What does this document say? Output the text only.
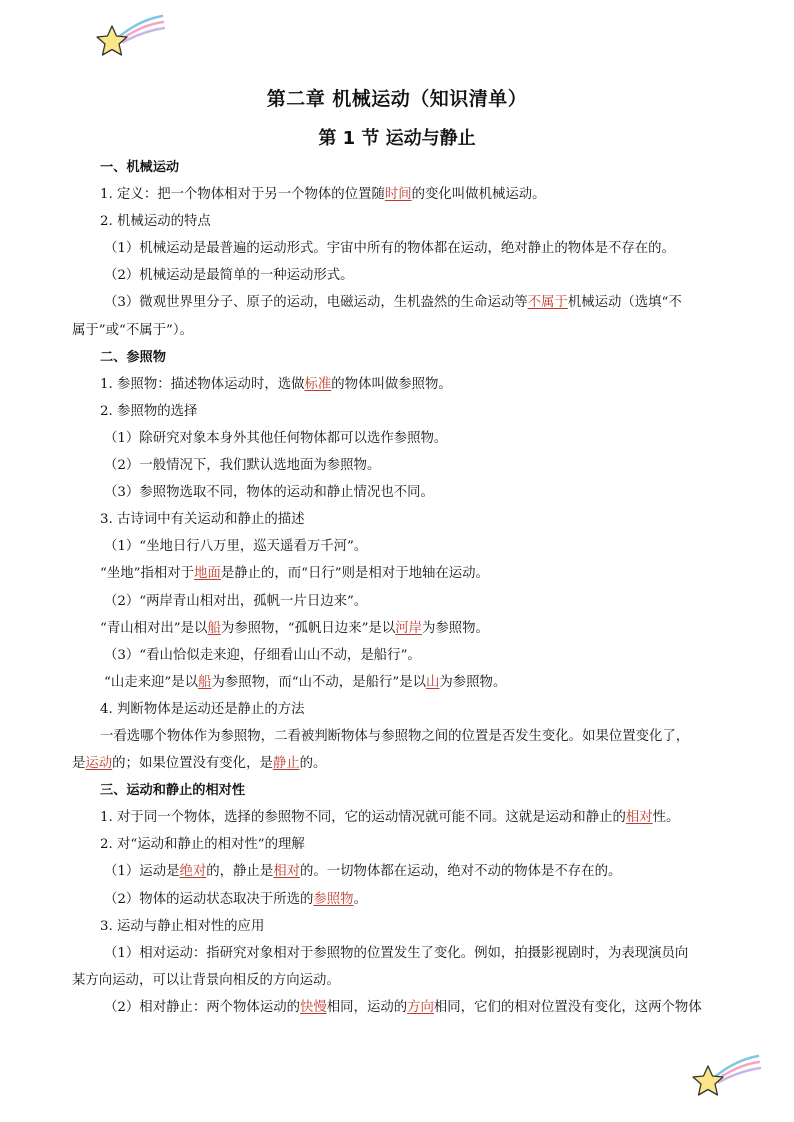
第二章 机械运动（知识清单）
第 1 节 运动与静止
一、机械运动
1. 定义：把一个物体相对于另一个物体的位置随时间的变化叫做机械运动。
2. 机械运动的特点
（1）机械运动是最普遍的运动形式。宇宙中所有的物体都在运动，绝对静止的物体是不存在的。
（2）机械运动是最简单的一种运动形式。
（3）微观世界里分子、原子的运动，电磁运动，生机盎然的生命运动等不属于机械运动（选填“不
属于”或“不属于”）。
二、参照物
1. 参照物：描述物体运动时，选做标准的物体叫做参照物。
2. 参照物的选择
（1）除研究对象本身外其他任何物体都可以选作参照物。
（2）一般情况下，我们默认选地面为参照物。
（3）参照物选取不同，物体的运动和静止情况也不同。
3. 古诗词中有关运动和静止的描述
（1）“坐地日行八万里，巡天遥看万千河”。
“坐地”指相对于地面是静止的，而“日行”则是相对于地轴在运动。
（2）“两岸青山相对出，孤帆一片日边来”。
“青山相对出”是以船为参照物，“孤帆日边来”是以河岸为参照物。
（3）“看山恰似走来迎，仔细看山山不动，是船行”。
“山走来迎”是以船为参照物，而“山不动，是船行”是以山为参照物。
4. 判断物体是运动还是静止的方法
一看选哪个物体作为参照物，二看被判断物体与参照物之间的位置是否发生变化。如果位置变化了，
是运动的；如果位置没有变化，是静止的。
三、运动和静止的相对性
1. 对于同一个物体，选择的参照物不同，它的运动情况就可能不同。这就是运动和静止的相对性。
2. 对“运动和静止的相对性”的理解
（1）运动是绝对的，静止是相对的。一切物体都在运动，绝对不动的物体是不存在的。
（2）物体的运动状态取决于所选的参照物。
3. 运动与静止相对性的应用
（1）相对运动：指研究对象相对于参照物的位置发生了变化。例如，拍摄影视剧时，为表现演员向
某方向运动，可以让背景向相反的方向运动。
（2）相对静止：两个物体运动的快慢相同，运动的方向相同，它们的相对位置没有变化，这两个物体
